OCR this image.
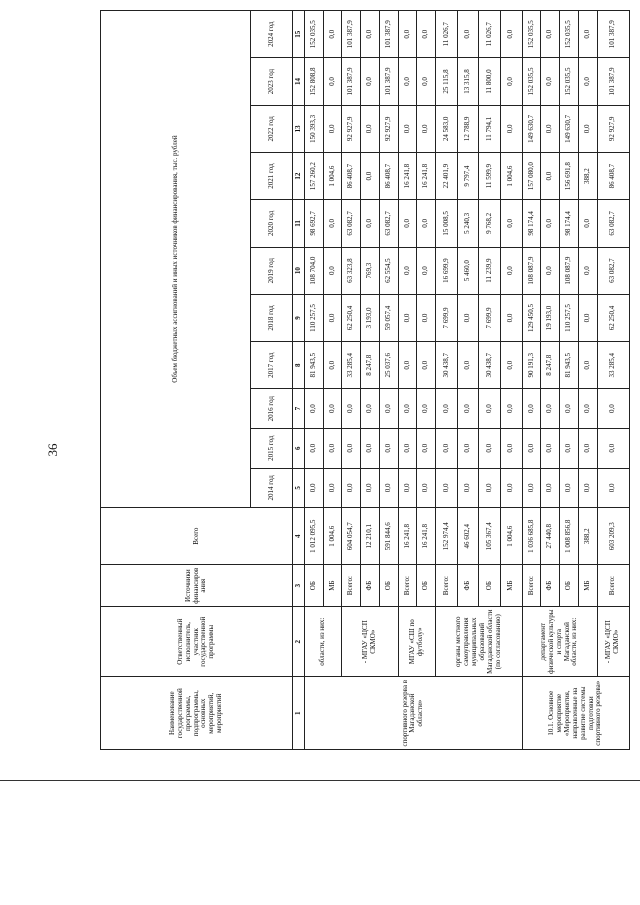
36
Наименование государственной программы, подпрограммы, основных мероприятий, мероприятий	Ответственный исполнитель, участник государственной программы	Источники финансирования	Всего	Объем бюджетных ассигнований и иных источников финансирования, тыс. рублей										
				2014 год	2015 год	2016 год	2017 год	2018 год	2019 год	2020 год	2021 год	2022 год	2023 год	2024 год
1	2	3	4	5	6	7	8	9	10	11	12	13	14	15
спортивного резерва в Магаданской области»	области, из них:	ОБ	1 012 095,5	0,0	0,0	0,0	81 943,5	110 257,5	108 704,0	98 692,7	157 260,2	150 393,3	152 808,8	152 035,5
		МБ	1 004,6	0,0	0,0	0,0	0,0	0,0	0,0	0,0	1 004,6	0,0	0,0	0,0
	- МГАУ «ЦСП СКМО»	Всего:	604 054,7	0,0	0,0	0,0	33 285,4	62 250,4	63 323,8	63 082,7	86 408,7	92 927,9	101 387,9	101 387,9
		ФБ	12 210,1	0,0	0,0	0,0	8 247,8	3 193,0	769,3	0,0	0,0	0,0	0,0	0,0
		ОБ	591 844,6	0,0	0,0	0,0	25 037,6	59 057,4	62 554,5	63 082,7	86 408,7	92 927,9	101 387,9	101 387,9
	МГАУ «СШ по футболу»	Всего:	16 241,8	0,0	0,0	0,0	0,0	0,0	0,0	0,0	16 241,8	0,0	0,0	0,0
		ОБ	16 241,8	0,0	0,0	0,0	0,0	0,0	0,0	0,0	16 241,8	0,0	0,0	0,0
	органы местного самоуправления муниципальных образований Магаданской области (по согласованию)	Всего:	152 974,4	0,0	0,0	0,0	30 438,7	7 699,9	16 699,9	15 008,5	22 401,9	24 583,0	25 115,8	11 026,7
		ФБ	46 602,4	0,0	0,0	0,0	0,0	0,0	5 460,0	5 240,3	9 797,4	12 788,9	13 315,8	0,0
		ОБ	105 367,4	0,0	0,0	0,0	30 438,7	7 699,9	11 239,9	9 768,2	11 599,9	11 794,1	11 800,0	11 026,7
		МБ	1 004,6	0,0	0,0	0,0	0,0	0,0	0,0	0,0	1 004,6	0,0	0,0	0,0
10.1. Основное мероприятие «Мероприятия, направленные на развитие системы подготовки спортивного резерва»	департамент физической культуры и спорта Магаданской области, из них:	Всего:	1 036 685,8	0,0	0,0	0,0	90 191,3	129 450,5	108 087,9	98 174,4	157 080,0	149 630,7	152 035,5	152 035,5
		ФБ	27 440,8	0,0	0,0	0,0	8 247,8	19 193,0	0,0	0,0	0,0	0,0	0,0	0,0
		ОБ	1 008 856,8	0,0	0,0	0,0	81 943,5	110 257,5	108 087,9	98 174,4	156 691,8	149 630,7	152 035,5	152 035,5
		МБ	388,2	0,0	0,0	0,0	0,0	0,0	0,0	0,0	388,2	0,0	0,0	0,0
	- МГАУ «ЦСП СКМО»	Всего:	603 209,3	0,0	0,0	0,0	33 285,4	62 250,4	63 082,7	63 082,7	86 408,7	92 927,9	101 387,9	101 387,9
